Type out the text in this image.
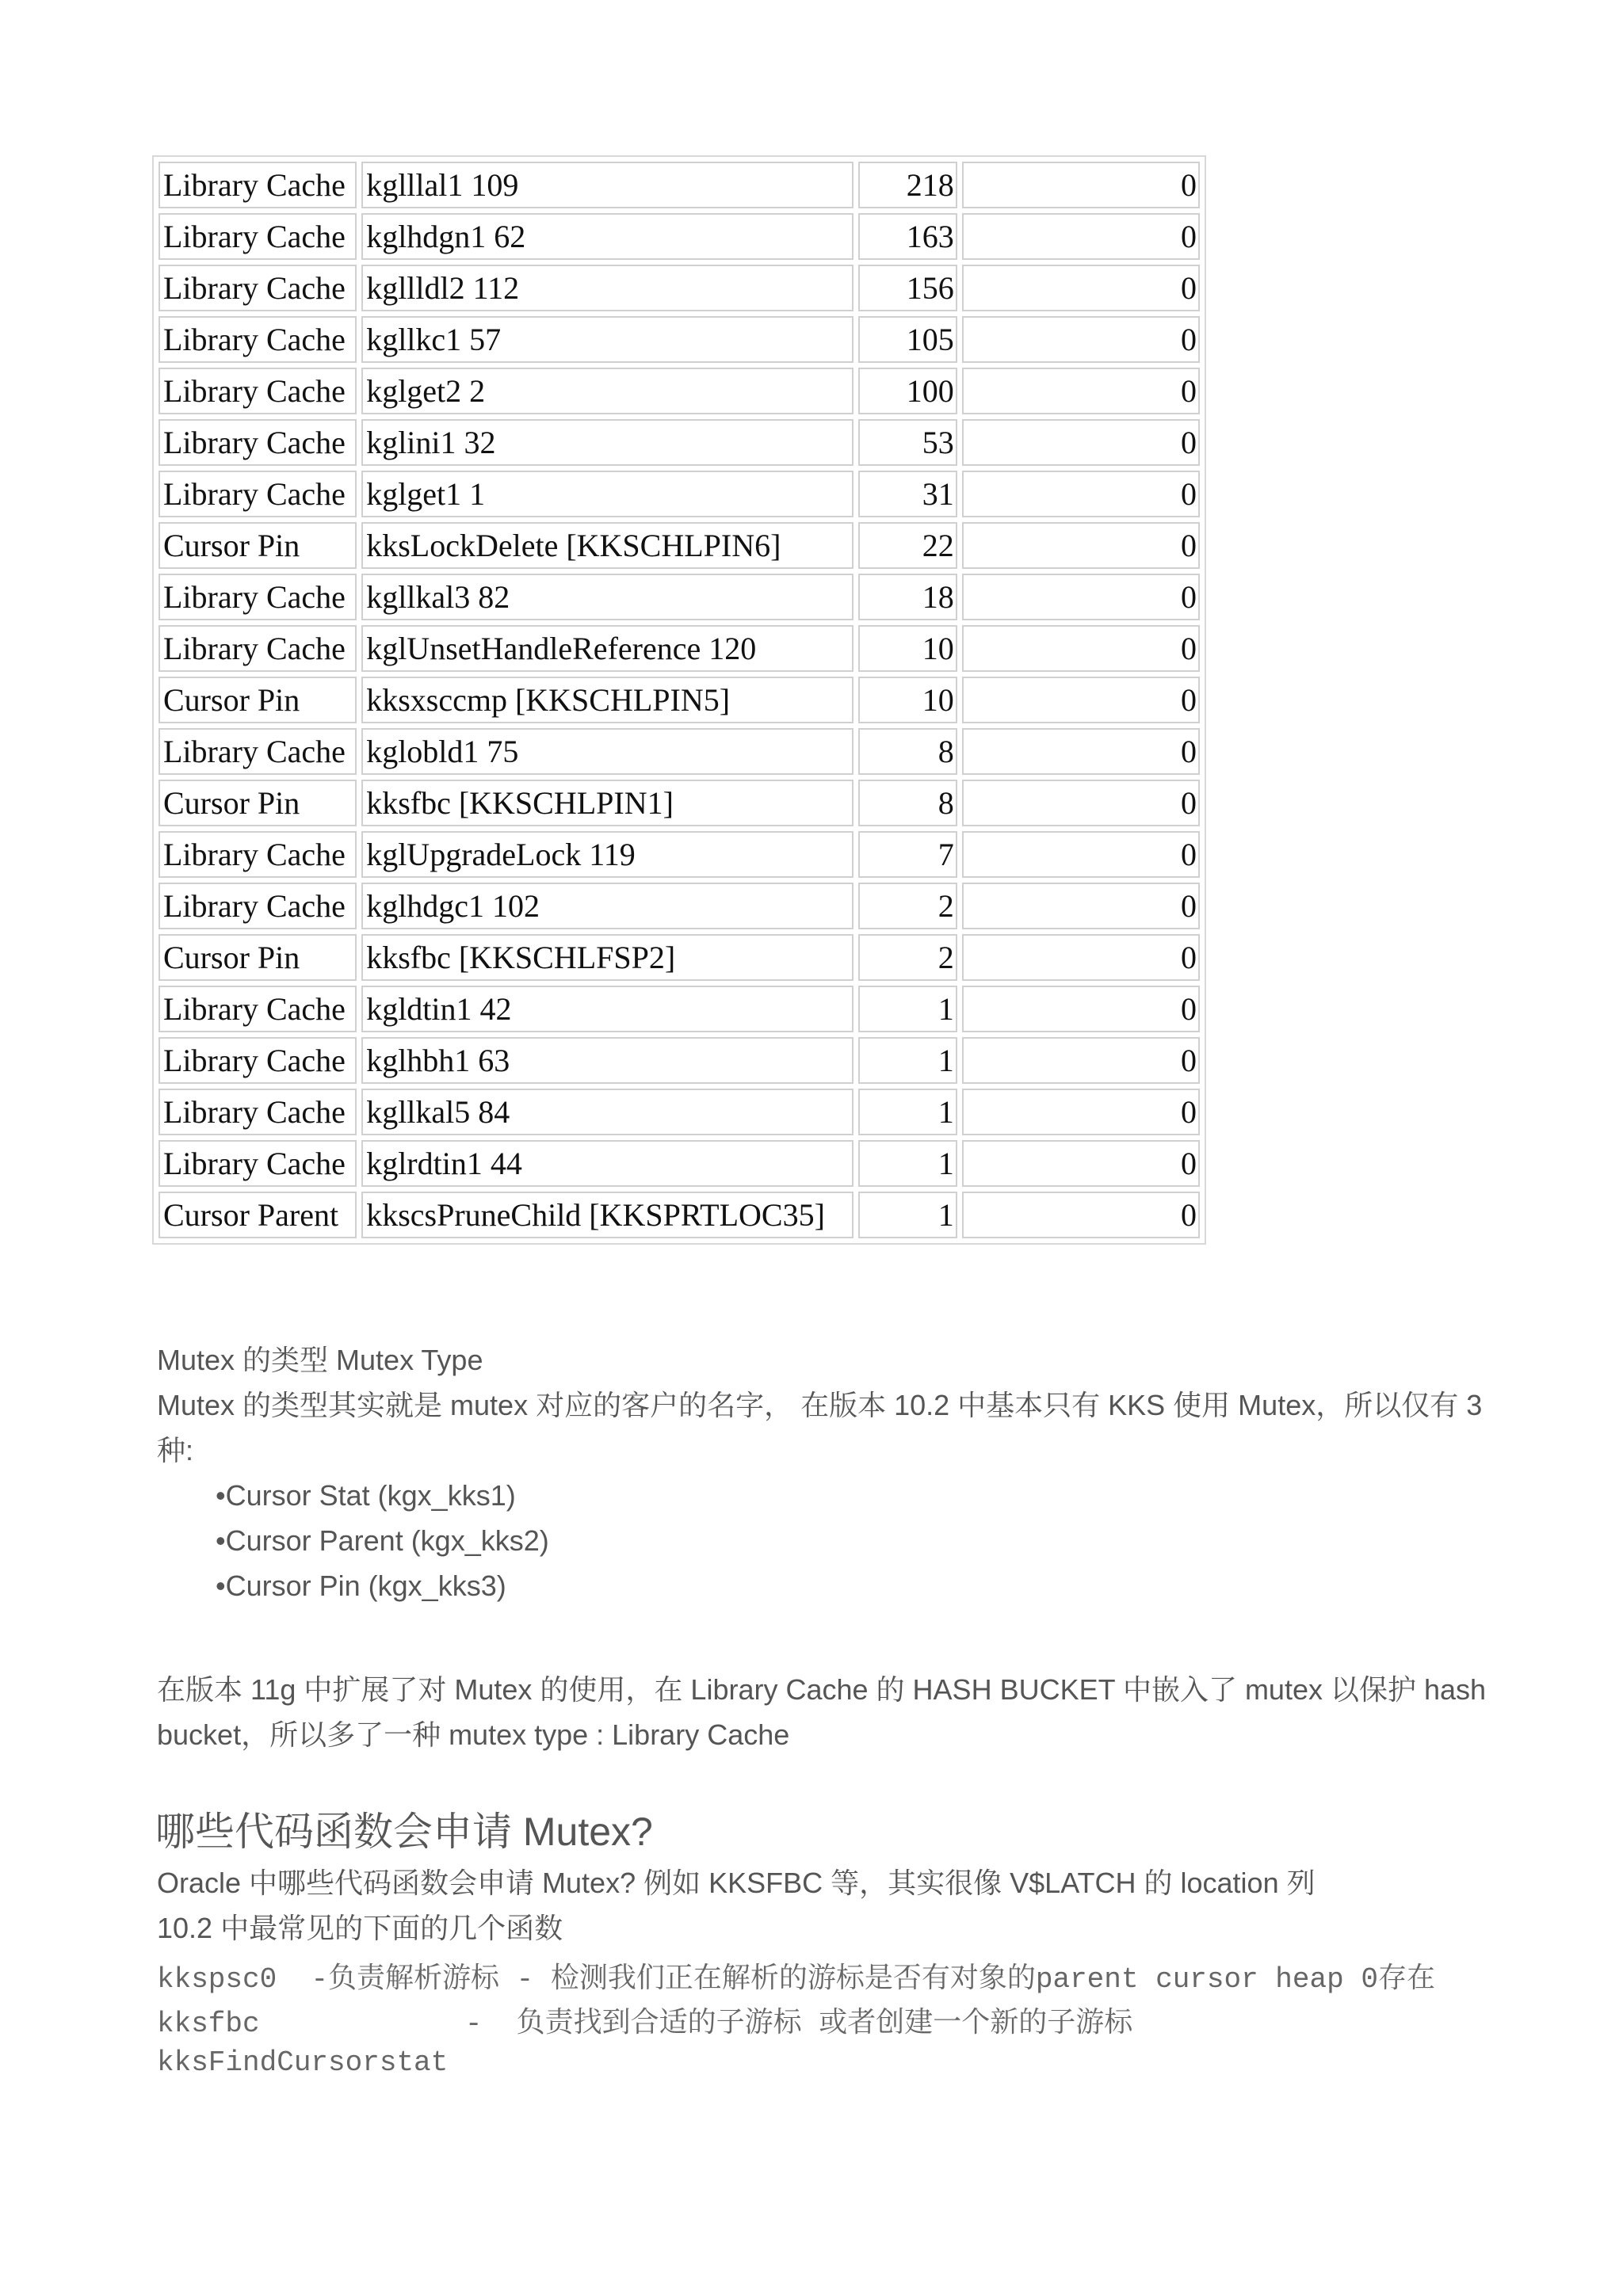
Library Cache	kglllal1 109	218	0
Library Cache	kglhdgn1 62	163	0
Library Cache	kgllldl2 112	156	0
Library Cache	kgllkc1 57	105	0
Library Cache	kglget2 2	100	0
Library Cache	kglini1 32	53	0
Library Cache	kglget1 1	31	0
Cursor Pin	kksLockDelete [KKSCHLPIN6]	22	0
Library Cache	kgllkal3 82	18	0
Library Cache	kglUnsetHandleReference 120	10	0
Cursor Pin	kksxsccmp [KKSCHLPIN5]	10	0
Library Cache	kglobld1 75	8	0
Cursor Pin	kksfbc [KKSCHLPIN1]	8	0
Library Cache	kglUpgradeLock 119	7	0
Library Cache	kglhdgc1 102	2	0
Cursor Pin	kksfbc [KKSCHLFSP2]	2	0
Library Cache	kgldtin1 42	1	0
Library Cache	kglhbh1 63	1	0
Library Cache	kgllkal5 84	1	0
Library Cache	kglrdtin1 44	1	0
Cursor Parent	kkscsPruneChild [KKSPRTLOC35]	1	0
Mutex 的类型 Mutex Type
Mutex 的类型其实就是 mutex 对应的客户的名字， 在版本 10.2 中基本只有 KKS 使用 Mutex，所以仅有 3 种:
•Cursor Stat (kgx_kks1)
•Cursor Parent (kgx_kks2)
•Cursor Pin (kgx_kks3)
在版本 11g 中扩展了对 Mutex 的使用，在 Library Cache 的 HASH BUCKET 中嵌入了 mutex 以保护 hash bucket，所以多了一种 mutex type : Library Cache
哪些代码函数会申请 Mutex?
Oracle 中哪些代码函数会申请 Mutex? 例如 KKSFBC 等，其实很像 V$LATCH 的 location 列
10.2 中最常见的下面的几个函数
kkspsc0  -负责解析游标 - 检测我们正在解析的游标是否有对象的parent cursor heap 0存在
kksfbc            -  负责找到合适的子游标 或者创建一个新的子游标
kksFindCursorstat
